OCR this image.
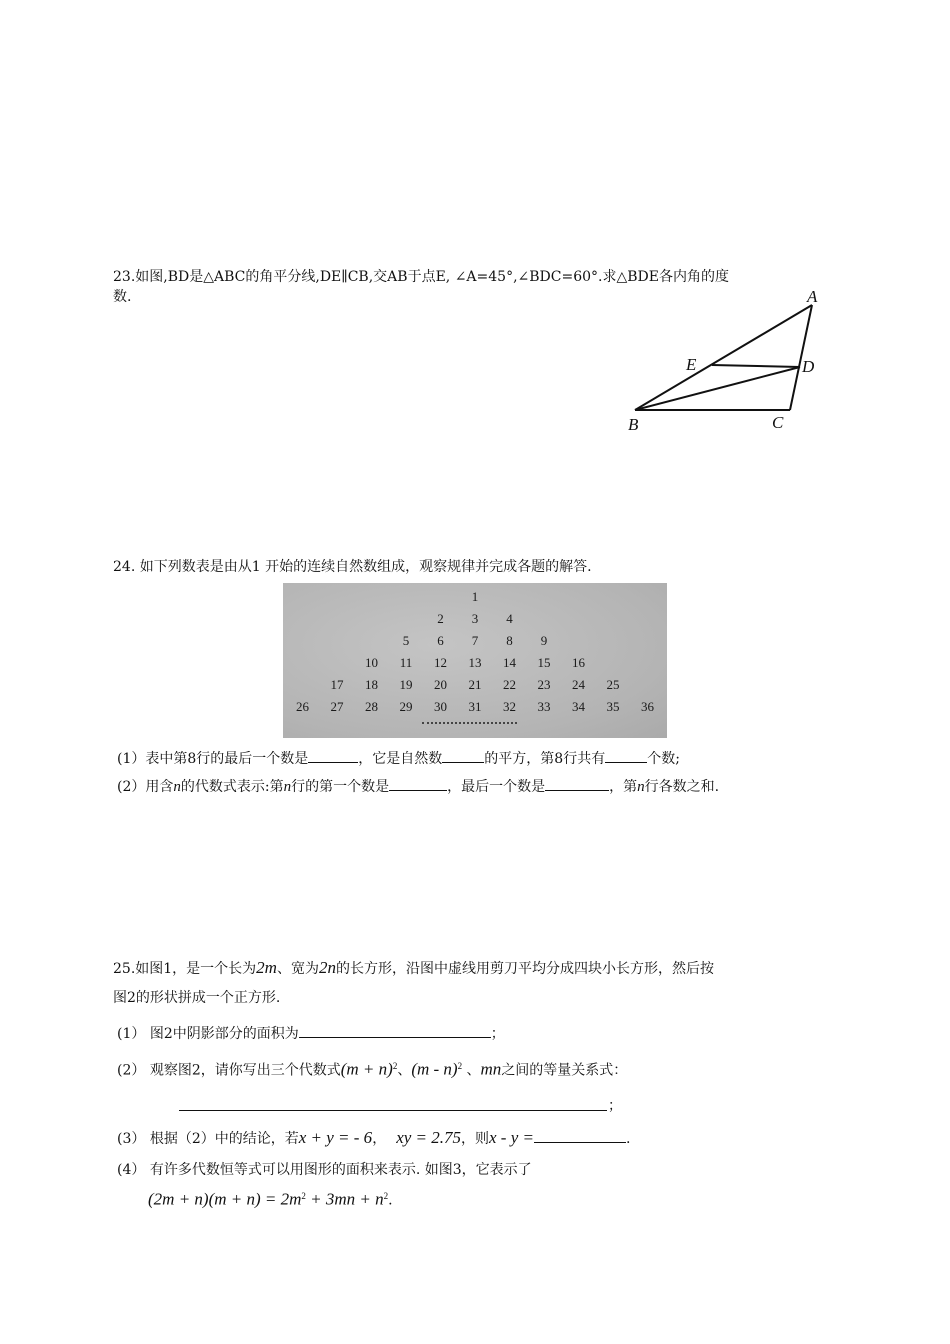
23.如图,BD是△ABC的角平分线,DE∥CB,交AB于点E, ∠A=45°,∠BDC=60°.求△BDE各内角的度
数.	A
E	D
B	C
24. 如下列数表是由从1 开始的连续自然数组成，观察规律并完成各题的解答.
1
2 3 4
5 6 7 8 9
10 11 12 13 14 15 16
17 18 19 20 21 22 23 24 25
26 27 28 29 30 31 32 33 34 35 36
(1）表中第8行的最后一个数是	，它是自然数	的平方，第8行共有	个数;
(2）用含n的代数式表示:第n行的第一个数是	，最后一个数是	，第n行各数之和.
25.如图1，是一个长为2m、宽为2n的长方形，沿图中虚线用剪刀平均分成四块小长方形，然后按
图2的形状拼成一个正方形.
(1） 图2中阴影部分的面积为	；
(2） 观察图2，请你写出三个代数式$(m + n)^2$、(m - n)$^2$ 、mn之间的等量关系式：
；
(3） 根据（2）中的结论，若x + y = - 6， xy = 2.75，则x - y =	.
(4） 有许多代数恒等式可以用图形的面积来表示. 如图3，它表示了
$(2m + n)(m + n) = 2m^2 + 3mn + n^2$.
